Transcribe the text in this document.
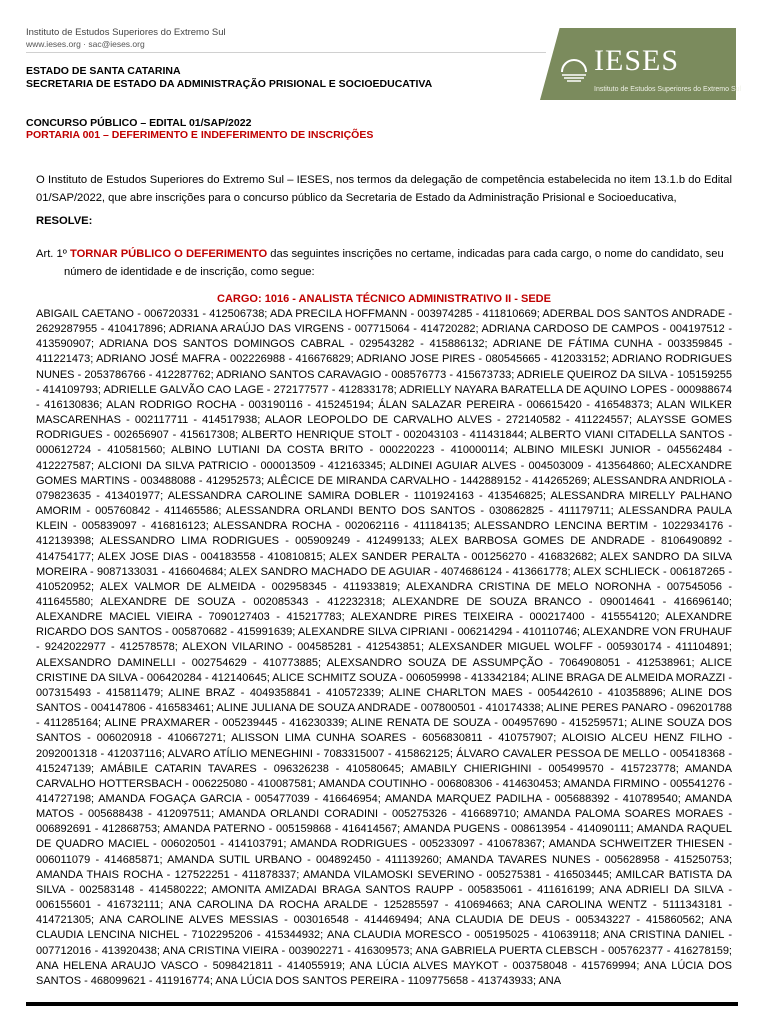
Instituto de Estudos Superiores do Extremo Sul
www.ieses.org · sac@ieses.org	IESES
Instituto de Estudos Superiores do Extremo Sul
ESTADO DE SANTA CATARINA
SECRETARIA DE ESTADO DA ADMINISTRAÇÃO PRISIONAL E SOCIOEDUCATIVA
CONCURSO PÚBLICO – EDITAL 01/SAP/2022
PORTARIA 001 – DEFERIMENTO E INDEFERIMENTO DE INSCRIÇÕES
O Instituto de Estudos Superiores do Extremo Sul – IESES, nos termos da delegação de competência estabelecida no item 13.1.b do Edital 01/SAP/2022, que abre inscrições para o concurso público da Secretaria de Estado da Administração Prisional e Socioeducativa,
RESOLVE:
Art. 1º TORNAR PÚBLICO O DEFERIMENTO das seguintes inscrições no certame, indicadas para cada cargo, o nome do candidato, seu
número de identidade e de inscrição, como segue:
CARGO: 1016 - ANALISTA TÉCNICO ADMINISTRATIVO II - SEDE
ABIGAIL CAETANO - 006720331 - 412506738; ADA PRECILA HOFFMANN - 003974285 - 411810669; ADERBAL DOS SANTOS ANDRADE - 2629287955 - 410417896; ADRIANA ARAÚJO DAS VIRGENS - 007715064 - 414720282; ADRIANA CARDOSO DE CAMPOS - 004197512 - 413590907; ADRIANA DOS SANTOS DOMINGOS CABRAL - 029543282 - 415886132; ADRIANE DE FÁTIMA CUNHA - 003359845 - 411221473; ADRIANO JOSÉ MAFRA - 002226988 - 416676829; ADRIANO JOSE PIRES - 080545665 - 412033152; ADRIANO RODRIGUES NUNES - 2053786766 - 412287762; ADRIANO SANTOS CARAVAGIO - 008576773 - 415673733; ADRIELE QUEIROZ DA SILVA - 105159255 - 414109793; ADRIELLE GALVÃO CAO LAGE - 272177577 - 412833178; ADRIELLY NAYARA BARATELLA DE AQUINO LOPES - 000988674 - 416130836; ALAN RODRIGO ROCHA - 003190116 - 415245194; ÁLAN SALAZAR PEREIRA - 006615420 - 416548373; ALAN WILKER MASCARENHAS - 002117711 - 414517938; ALAOR LEOPOLDO DE CARVALHO ALVES - 272140582 - 411224557; ALAYSSE GOMES RODRIGUES - 002656907 - 415617308; ALBERTO HENRIQUE STOLT - 002043103 - 411431844; ALBERTO VIANI CITADELLA SANTOS - 000612724 - 410581560; ALBINO LUTIANI DA COSTA BRITO - 000220223 - 410000114; ALBINO MILESKI JUNIOR - 045562484 - 412227587; ALCIONI DA SILVA PATRICIO - 000013509 - 412163345; ALDINEI AGUIAR ALVES - 004503009 - 413564860; ALECXANDRE GOMES MARTINS - 003488088 - 412952573; ALÊCICE DE MIRANDA CARVALHO - 1442889152 - 414265269; ALESSANDRA ANDRIOLA - 079823635 - 413401977; ALESSANDRA CAROLINE SAMIRA DOBLER - 1101924163 - 413546825; ALESSANDRA MIRELLY PALHANO AMORIM - 005760842 - 411465586; ALESSANDRA ORLANDI BENTO DOS SANTOS - 030862825 - 411179711; ALESSANDRA PAULA KLEIN - 005839097 - 416816123; ALESSANDRA ROCHA - 002062116 - 411184135; ALESSANDRO LENCINA BERTIM - 1022934176 - 412139398; ALESSANDRO LIMA RODRIGUES - 005909249 - 412499133; ALEX BARBOSA GOMES DE ANDRADE - 8106490892 - 414754177; ALEX JOSE DIAS - 004183558 - 410810815; ALEX SANDER PERALTA - 001256270 - 416832682; ALEX SANDRO DA SILVA MOREIRA - 9087133031 - 416604684; ALEX SANDRO MACHADO DE AGUIAR - 4074686124 - 413661778; ALEX SCHLIECK - 006187265 - 410520952; ALEX VALMOR DE ALMEIDA - 002958345 - 411933819; ALEXANDRA CRISTINA DE MELO NORONHA - 007545056 - 411645580; ALEXANDRE DE SOUZA - 002085343 - 412232318; ALEXANDRE DE SOUZA BRANCO - 090014641 - 416696140; ALEXANDRE MACIEL VIEIRA - 7090127403 - 415217783; ALEXANDRE PIRES TEIXEIRA - 000217400 - 415554120; ALEXANDRE RICARDO DOS SANTOS - 005870682 - 415991639; ALEXANDRE SILVA CIPRIANI - 006214294 - 410110746; ALEXANDRE VON FRUHAUF - 9242022977 - 412578578; ALEXON VILARINO - 004585281 - 412543851; ALEXSANDER MIGUEL WOLFF - 005930174 - 411104891; ALEXSANDRO DAMINELLI - 002754629 - 410773885; ALEXSANDRO SOUZA DE ASSUMPÇÃO - 7064908051 - 412538961; ALICE CRISTINE DA SILVA - 006420284 - 412140645; ALICE SCHMITZ SOUZA - 006059998 - 413342184; ALINE BRAGA DE ALMEIDA MORAZZI - 007315493 - 415811479; ALINE BRAZ - 4049358841 - 410572339; ALINE CHARLTON MAES - 005442610 - 410358896; ALINE DOS SANTOS - 004147806 - 416583461; ALINE JULIANA DE SOUZA ANDRADE - 007800501 - 410174338; ALINE PERES PANARO - 096201788 - 411285164; ALINE PRAXMARER - 005239445 - 416230339; ALINE RENATA DE SOUZA - 004957690 - 415259571; ALINE SOUZA DOS SANTOS - 006020918 - 410667271; ALISSON LIMA CUNHA SOARES - 6056830811 - 410757907; ALOISIO ALCEU HENZ FILHO - 2092001318 - 412037116; ALVARO ATÍLIO MENEGHINI - 7083315007 - 415862125; ÁLVARO CAVALER PESSOA DE MELLO - 005418368 - 415247139; AMÁBILE CATARIN TAVARES - 096326238 - 410580645; AMABILY CHIERIGHINI - 005499570 - 415723778; AMANDA CARVALHO HOTTERSBACH - 006225080 - 410087581; AMANDA COUTINHO - 006808306 - 414630453; AMANDA FIRMINO - 005541276 - 414727198; AMANDA FOGAÇA GARCIA - 005477039 - 416646954; AMANDA MARQUEZ PADILHA - 005688392 - 410789540; AMANDA MATOS - 005688438 - 412097511; AMANDA ORLANDI CORADINI - 005275326 - 416689710; AMANDA PALOMA SOARES MORAES - 006892691 - 412868753; AMANDA PATERNO - 005159868 - 416414567; AMANDA PUGENS - 008613954 - 414090111; AMANDA RAQUEL DE QUADRO MACIEL - 006020501 - 414103791; AMANDA RODRIGUES - 005233097 - 410678367; AMANDA SCHWEITZER THIESEN - 006011079 - 414685871; AMANDA SUTIL URBANO - 004892450 - 411139260; AMANDA TAVARES NUNES - 005628958 - 415250753; AMANDA THAIS ROCHA - 127522251 - 411878337; AMANDA VILAMOSKI SEVERINO - 005275381 - 416503445; AMILCAR BATISTA DA SILVA - 002583148 - 414580222; AMONITA AMIZADAI BRAGA SANTOS RAUPP - 005835061 - 411616199; ANA ADRIELI DA SILVA - 006155601 - 416732111; ANA CAROLINA DA ROCHA ARALDE - 125285597 - 410694663; ANA CAROLINA WENTZ - 5111343181 - 414721305; ANA CAROLINE ALVES MESSIAS - 003016548 - 414469494; ANA CLAUDIA DE DEUS - 005343227 - 415860562; ANA CLAUDIA LENCINA NICHEL - 7102295206 - 415344932; ANA CLAUDIA MORESCO - 005195025 - 410639118; ANA CRISTINA DANIEL - 007712016 - 413920438; ANA CRISTINA VIEIRA - 003902271 - 416309573; ANA GABRIELA PUERTA CLEBSCH - 005762377 - 416278159; ANA HELENA ARAUJO VASCO - 5098421811 - 414055919; ANA LÚCIA ALVES MAYKOT - 003758048 - 415769994; ANA LÚCIA DOS SANTOS - 468099621 - 411916774; ANA LÚCIA DOS SANTOS PEREIRA - 1109775658 - 413743933; ANA
